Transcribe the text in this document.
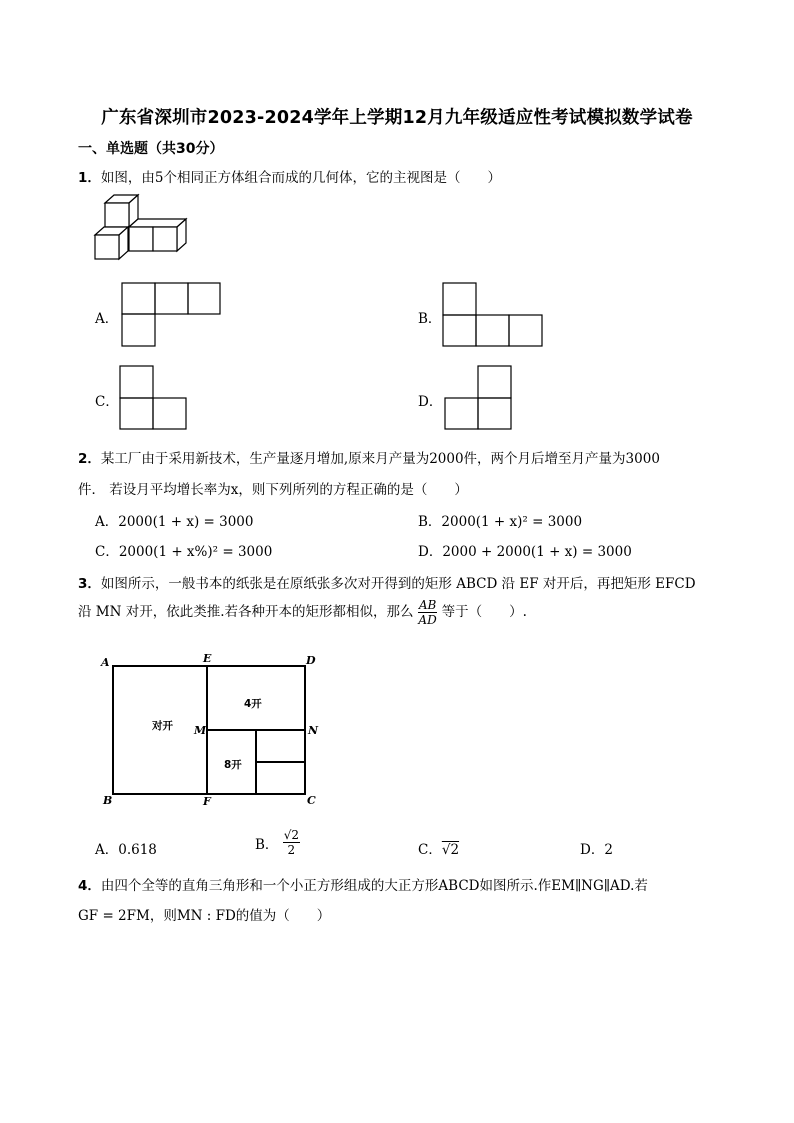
广东省深圳市2023-2024学年上学期12月九年级适应性考试模拟数学试卷
一、单选题（共30分）
1．如图，由5个相同正方体组合而成的几何体，它的主视图是（　　）
A．	B．
C．	D．
2．某工厂由于采用新技术，生产量逐月增加,原来月产量为2000件，两个月后增至月产量为3000
件． 若设月平均增长率为x，则下列所列的方程正确的是（　　）
A．2000(1 + x) = 3000	B．2000(1 + x)² = 3000
C．2000(1 + x%)² = 3000	D．2000 + 2000(1 + x) = 3000
3．如图所示，一般书本的纸张是在原纸张多次对开得到的矩形 ABCD 沿 EF 对开后，再把矩形 EFCD
沿 MN 对开，依此类推.若各种开本的矩形都相似，那么 $\frac{AB}{AD}$ 等于（　　）.
A	E	D
M	N
B	F	C
对开
4开
8开
A．0.618	B． $\frac{√2}{2}$	C．√2	D．2
4．由四个全等的直角三角形和一个小正方形组成的大正方形ABCD如图所示.作EM∥NG∥AD.若
GF = 2FM，则MN : FD的值为（　　）
